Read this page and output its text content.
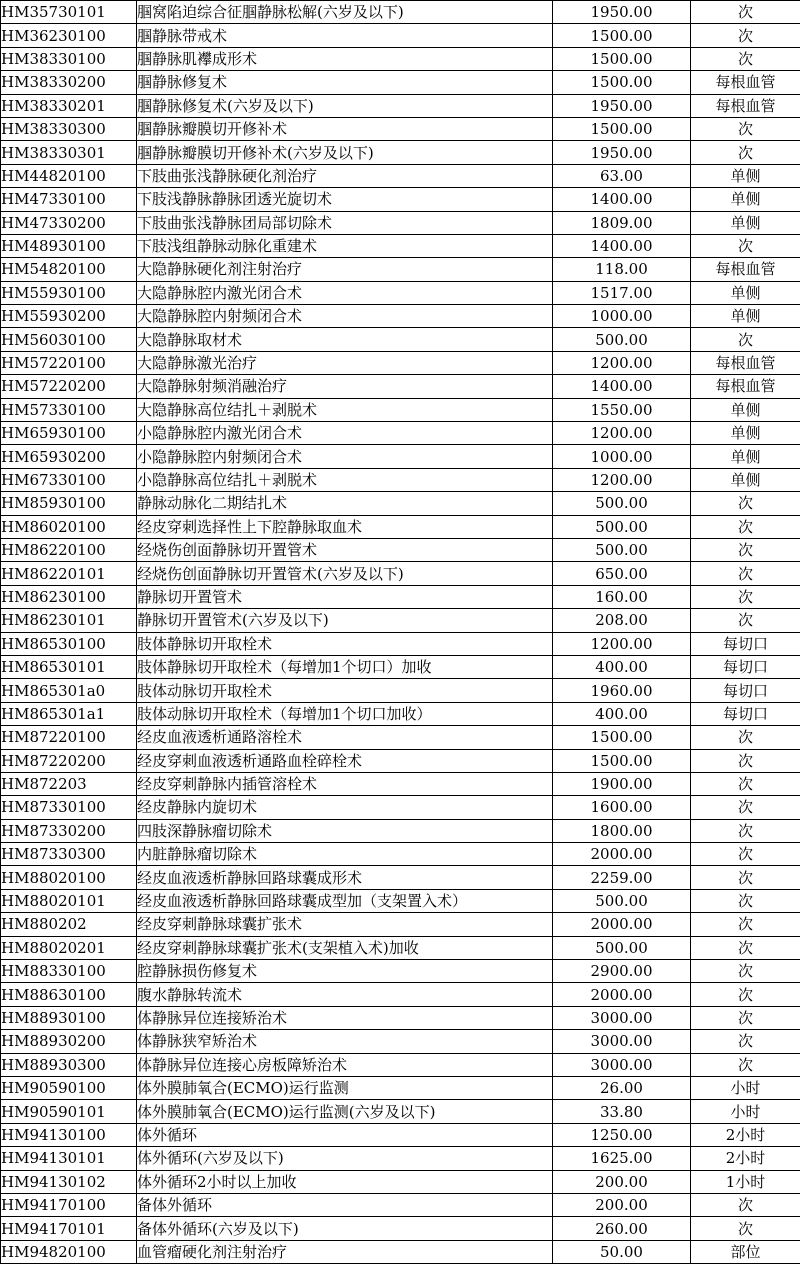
HM35730101	腘窝陷迫综合征腘静脉松解(六岁及以下)	1950.00	次
HM36230100	腘静脉带戒术	1500.00	次
HM38330100	腘静脉肌襻成形术	1500.00	次
HM38330200	腘静脉修复术	1500.00	每根血管
HM38330201	腘静脉修复术(六岁及以下)	1950.00	每根血管
HM38330300	腘静脉瓣膜切开修补术	1500.00	次
HM38330301	腘静脉瓣膜切开修补术(六岁及以下)	1950.00	次
HM44820100	下肢曲张浅静脉硬化剂治疗	63.00	单侧
HM47330100	下肢浅静脉静脉团透光旋切术	1400.00	单侧
HM47330200	下肢曲张浅静脉团局部切除术	1809.00	单侧
HM48930100	下肢浅组静脉动脉化重建术	1400.00	次
HM54820100	大隐静脉硬化剂注射治疗	118.00	每根血管
HM55930100	大隐静脉腔内激光闭合术	1517.00	单侧
HM55930200	大隐静脉腔内射频闭合术	1000.00	单侧
HM56030100	大隐静脉取材术	500.00	次
HM57220100	大隐静脉激光治疗	1200.00	每根血管
HM57220200	大隐静脉射频消融治疗	1400.00	每根血管
HM57330100	大隐静脉高位结扎＋剥脱术	1550.00	单侧
HM65930100	小隐静脉腔内激光闭合术	1200.00	单侧
HM65930200	小隐静脉腔内射频闭合术	1000.00	单侧
HM67330100	小隐静脉高位结扎＋剥脱术	1200.00	单侧
HM85930100	静脉动脉化二期结扎术	500.00	次
HM86020100	经皮穿刺选择性上下腔静脉取血术	500.00	次
HM86220100	经烧伤创面静脉切开置管术	500.00	次
HM86220101	经烧伤创面静脉切开置管术(六岁及以下)	650.00	次
HM86230100	静脉切开置管术	160.00	次
HM86230101	静脉切开置管术(六岁及以下)	208.00	次
HM86530100	肢体静脉切开取栓术	1200.00	每切口
HM86530101	肢体静脉切开取栓术（每增加1个切口）加收	400.00	每切口
HM865301a0	肢体动脉切开取栓术	1960.00	每切口
HM865301a1	肢体动脉切开取栓术（每增加1个切口加收）	400.00	每切口
HM87220100	经皮血液透析通路溶栓术	1500.00	次
HM87220200	经皮穿刺血液透析通路血栓碎栓术	1500.00	次
HM872203	经皮穿刺静脉内插管溶栓术	1900.00	次
HM87330100	经皮静脉内旋切术	1600.00	次
HM87330200	四肢深静脉瘤切除术	1800.00	次
HM87330300	内脏静脉瘤切除术	2000.00	次
HM88020100	经皮血液透析静脉回路球囊成形术	2259.00	次
HM88020101	经皮血液透析静脉回路球囊成型加（支架置入术）	500.00	次
HM880202	经皮穿刺静脉球囊扩张术	2000.00	次
HM88020201	经皮穿刺静脉球囊扩张术(支架植入术)加收	500.00	次
HM88330100	腔静脉损伤修复术	2900.00	次
HM88630100	腹水静脉转流术	2000.00	次
HM88930100	体静脉异位连接矫治术	3000.00	次
HM88930200	体静脉狭窄矫治术	3000.00	次
HM88930300	体静脉异位连接心房板障矫治术	3000.00	次
HM90590100	体外膜肺氧合(ECMO)运行监测	26.00	小时
HM90590101	体外膜肺氧合(ECMO)运行监测(六岁及以下)	33.80	小时
HM94130100	体外循环	1250.00	2小时
HM94130101	体外循环(六岁及以下)	1625.00	2小时
HM94130102	体外循环2小时以上加收	200.00	1小时
HM94170100	备体外循环	200.00	次
HM94170101	备体外循环(六岁及以下)	260.00	次
HM94820100	血管瘤硬化剂注射治疗	50.00	部位
